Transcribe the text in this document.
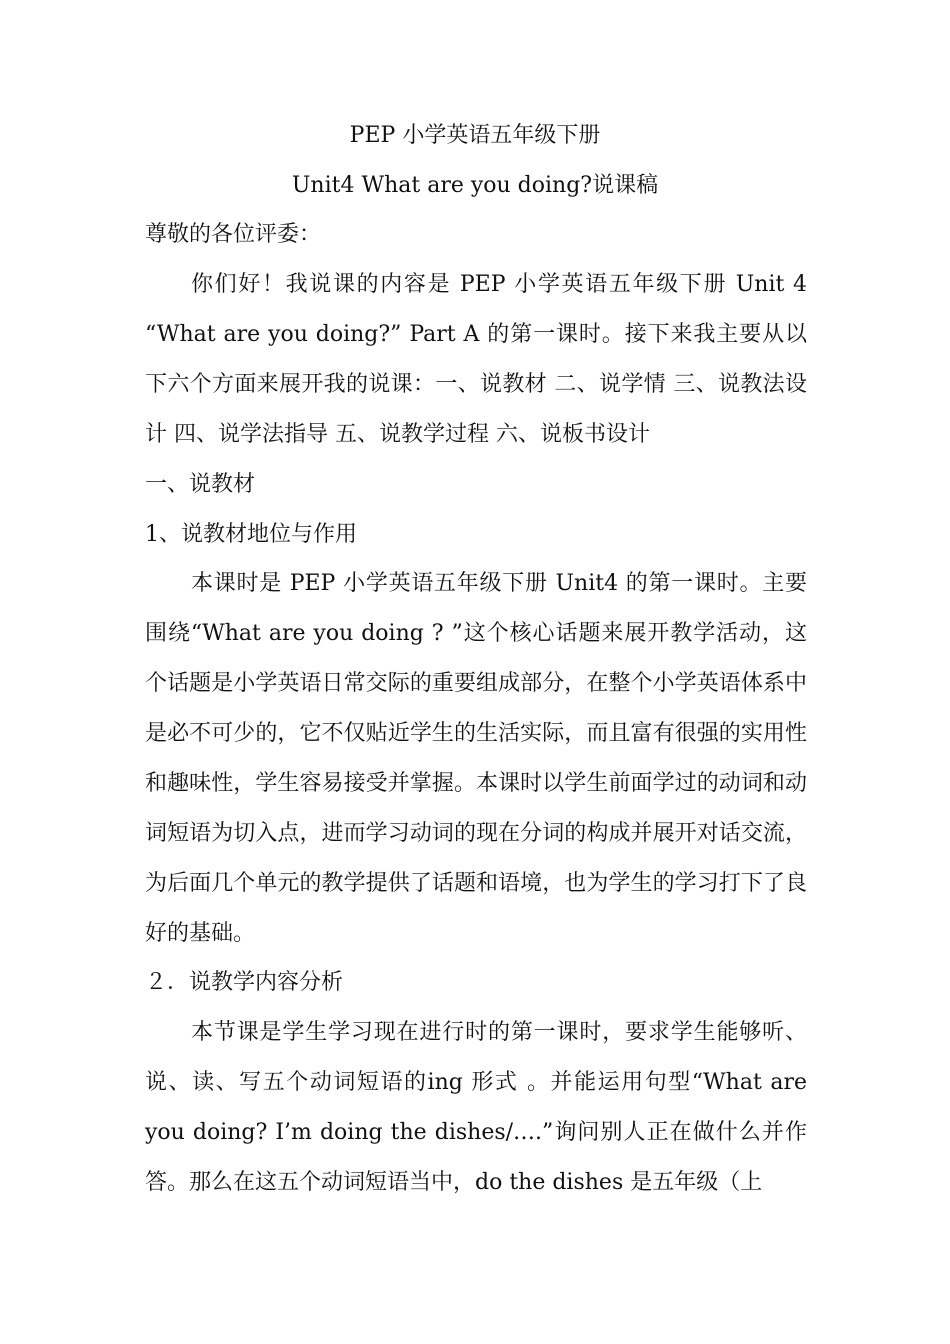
PEP 小学英语五年级下册
Unit4 What are you doing?说课稿

尊敬的各位评委：

你们好！我说课的内容是 PEP 小学英语五年级下册 Unit 4 “What are you doing?” Part A 的第一课时。接下来我主要从以下六个方面来展开我的说课：一、说教材 二、说学情 三、说教法设计 四、说学法指导 五、说教学过程 六、说板书设计

一、说教材

1、说教材地位与作用

本课时是 PEP 小学英语五年级下册 Unit4 的第一课时。主要围绕“What are you doing ? ”这个核心话题来展开教学活动，这个话题是小学英语日常交际的重要组成部分，在整个小学英语体系中是必不可少的，它不仅贴近学生的生活实际，而且富有很强的实用性和趣味性，学生容易接受并掌握。本课时以学生前面学过的动词和动词短语为切入点，进而学习动词的现在分词的构成并展开对话交流，为后面几个单元的教学提供了话题和语境，也为学生的学习打下了良好的基础。

２．说教学内容分析

本节课是学生学习现在进行时的第一课时，要求学生能够听、说、读、写五个动词短语的ing 形式 。并能运用句型“What are you doing? I’m doing the dishes/….”询问别人正在做什么并作答。那么在这五个动词短语当中，do the dishes 是五年级（上
